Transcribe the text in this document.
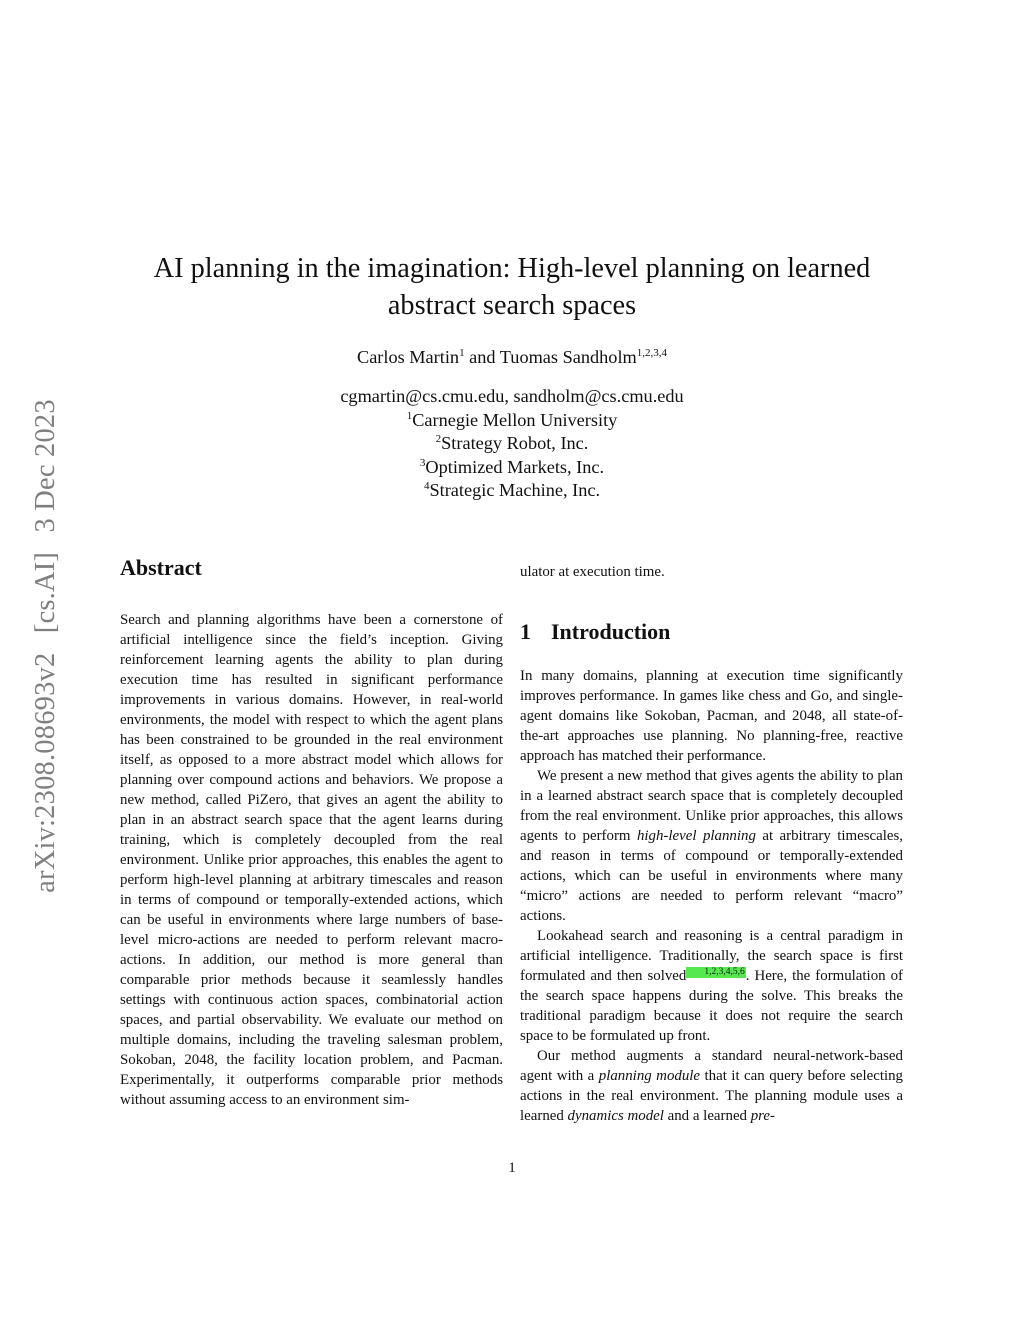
arXiv:2308.08693v2 [cs.AI] 3 Dec 2023
AI planning in the imagination: High-level planning on learned
abstract search spaces
Carlos Martin$^1$ and Tuomas Sandholm$^{1,2,3,4}$
cgmartin@cs.cmu.edu, sandholm@cs.cmu.edu
$^1$Carnegie Mellon University
$^2$Strategy Robot, Inc.
$^3$Optimized Markets, Inc.
$^4$Strategic Machine, Inc.
Abstract

Search and planning algorithms have been a cornerstone of artificial intelligence since the field’s inception. Giving reinforcement learning agents the ability to plan during execution time has resulted in significant performance improvements in various domains. However, in real-world environments, the model with respect to which the agent plans has been constrained to be grounded in the real environment itself, as opposed to a more abstract model which allows for planning over compound actions and behaviors. We propose a new method, called PiZero, that gives an agent the ability to plan in an abstract search space that the agent learns during training, which is completely decoupled from the real environment. Unlike prior approaches, this enables the agent to perform high-level planning at arbitrary timescales and reason in terms of compound or temporally-extended actions, which can be useful in environments where large numbers of base-level micro-actions are needed to perform relevant macro-actions. In addition, our method is more general than comparable prior methods because it seamlessly handles settings with continuous action spaces, combinatorial action spaces, and partial observability. We evaluate our method on multiple domains, including the traveling salesman problem, Sokoban, 2048, the facility location problem, and Pacman. Experimentally, it outperforms comparable prior methods without assuming access to an environment sim-

ulator at execution time.
1 Introduction

In many domains, planning at execution time significantly improves performance. In games like chess and Go, and single-agent domains like Sokoban, Pacman, and 2048, all state-of-the-art approaches use planning. No planning-free, reactive approach has matched their performance.

We present a new method that gives agents the ability to plan in a learned abstract search space that is completely decoupled from the real environment. Unlike prior approaches, this allows agents to perform high-level planning at arbitrary timescales, and reason in terms of compound or temporally-extended actions, which can be useful in environments where many “micro” actions are needed to perform relevant “macro” actions.

Lookahead search and reasoning is a central paradigm in artificial intelligence. Traditionally, the search space is first formulated and then solved 1,2,3,4,5,6. Here, the formulation of the search space happens during the solve. This breaks the traditional paradigm because it does not require the search space to be formulated up front.

Our method augments a standard neural-network-based agent with a planning module that it can query before selecting actions in the real environment. The planning module uses a learned dynamics model and a learned pre-

1
